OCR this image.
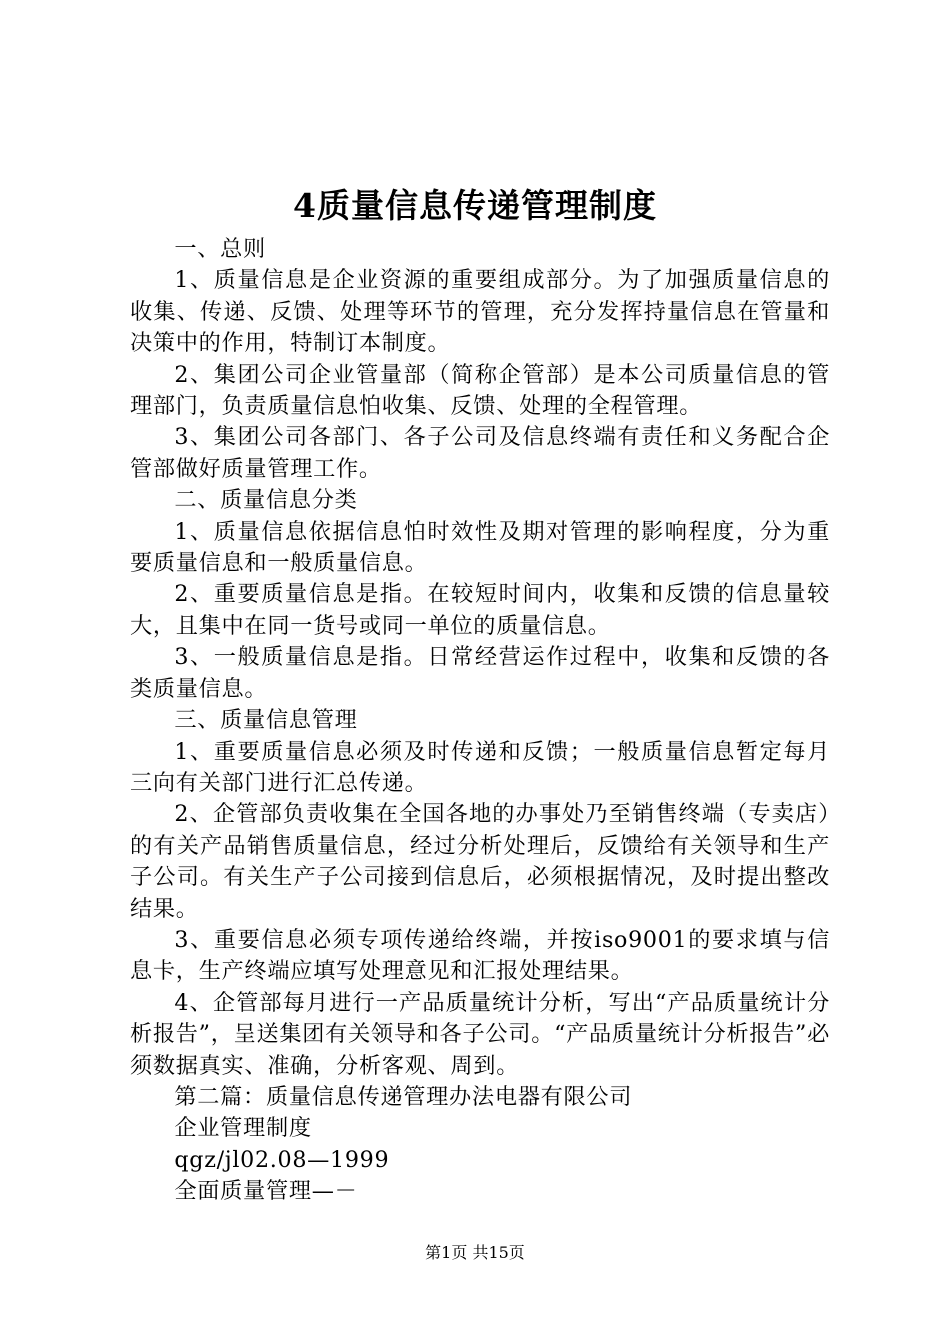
4质量信息传递管理制度

一、总则

1、质量信息是企业资源的重要组成部分。为了加强质量信息的收集、传递、反馈、处理等环节的管理，充分发挥持量信息在管量和决策中的作用，特制订本制度。

2、集团公司企业管量部（简称企管部）是本公司质量信息的管理部门，负责质量信息怕收集、反馈、处理的全程管理。

3、集团公司各部门、各子公司及信息终端有责任和义务配合企管部做好质量管理工作。

二、质量信息分类

1、质量信息依据信息怕时效性及期对管理的影响程度，分为重要质量信息和一般质量信息。

2、重要质量信息是指。在较短时间内，收集和反馈的信息量较大，且集中在同一货号或同一单位的质量信息。

3、一般质量信息是指。日常经营运作过程中，收集和反馈的各类质量信息。

三、质量信息管理

1、重要质量信息必须及时传递和反馈；一般质量信息暂定每月三向有关部门进行汇总传递。

2、企管部负责收集在全国各地的办事处乃至销售终端（专卖店）的有关产品销售质量信息，经过分析处理后，反馈给有关领导和生产子公司。有关生产子公司接到信息后，必须根据情况，及时提出整改结果。

3、重要信息必须专项传递给终端，并按iso9001的要求填与信息卡，生产终端应填写处理意见和汇报处理结果。

4、企管部每月进行一产品质量统计分析，写出“产品质量统计分析报告”，呈送集团有关领导和各子公司。“产品质量统计分析报告”必须数据真实、准确，分析客观、周到。

第二篇：质量信息传递管理办法电器有限公司

企业管理制度

qgz/jl02.08—1999

全面质量管理—－

第1页 共15页
